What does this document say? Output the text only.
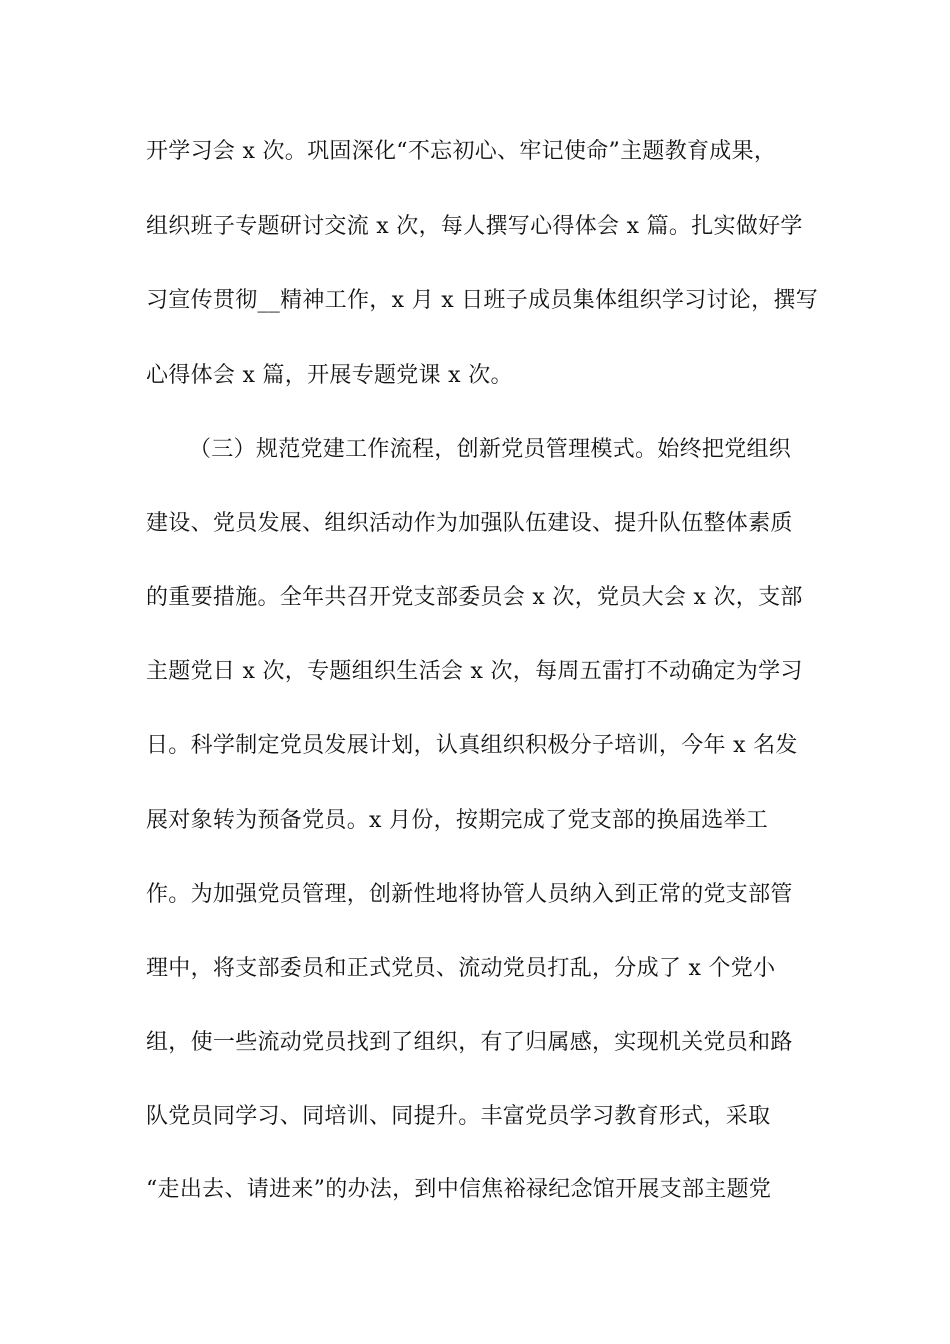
开学习会 x 次。巩固深化“不忘初心、牢记使命”主题教育成果，
组织班子专题研讨交流 x 次，每人撰写心得体会 x 篇。扎实做好学
习宣传贯彻__精神工作，x 月 x 日班子成员集体组织学习讨论，撰写
心得体会 x 篇，开展专题党课 x 次。
（三）规范党建工作流程，创新党员管理模式。始终把党组织
建设、党员发展、组织活动作为加强队伍建设、提升队伍整体素质
的重要措施。全年共召开党支部委员会 x 次，党员大会 x 次，支部
主题党日 x 次，专题组织生活会 x 次，每周五雷打不动确定为学习
日。科学制定党员发展计划，认真组织积极分子培训，今年 x 名发
展对象转为预备党员。x 月份，按期完成了党支部的换届选举工
作。为加强党员管理，创新性地将协管人员纳入到正常的党支部管
理中，将支部委员和正式党员、流动党员打乱，分成了 x 个党小
组，使一些流动党员找到了组织，有了归属感，实现机关党员和路
队党员同学习、同培训、同提升。丰富党员学习教育形式，采取
“走出去、请进来”的办法，到中信焦裕禄纪念馆开展支部主题党
